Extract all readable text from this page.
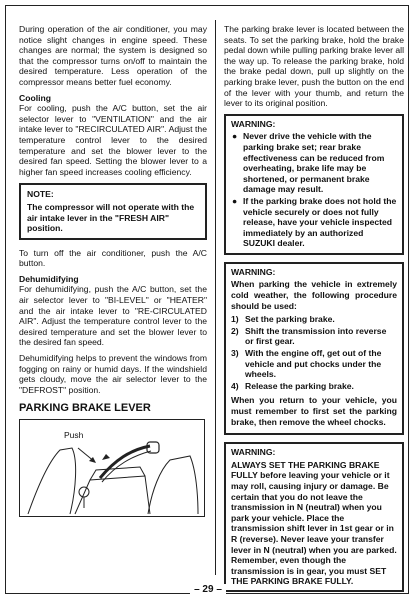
During operation of the air conditioner, you may notice slight changes in engine speed. These changes are normal; the system is designed so that the compressor turns on/off to maintain the desired temperature. Less operation of the compressor means better fuel economy.

Cooling

For cooling, push the A/C button, set the air selector lever to "VENTILATION" and the air intake lever to "RECIRCULATED AIR". Adjust the temperature control lever to the desired temperature and set the blower lever to the desired fan speed. Setting the blower lever to a higher fan speed increases cooling efficiency.

NOTE:
The compressor will not operate with the air intake lever in the "FRESH AIR" position.

To turn off the air conditioner, push the A/C button.

Dehumidifying

For dehumidifying, push the A/C button, set the air selector lever to "BI-LEVEL" or "HEATER" and the air intake lever to "RE-CIRCULATED AIR". Adjust the temperature control lever to the desired temperature and set the blower lever to the desired fan speed.

Dehumidifying helps to prevent the windows from fogging on rainy or humid days. If the windshield gets cloudy, move the air selector lever to the "DEFROST" position.

PARKING BRAKE LEVER
Push

The parking brake lever is located between the seats. To set the parking brake, hold the brake pedal down while pulling parking brake lever all the way up. To release the parking brake, hold the brake pedal down, pull up slightly on the parking brake lever, push the button on the end of the lever with your thumb, and return the lever to its original position.

WARNING:
● Never drive the vehicle with the parking brake set; rear brake effectiveness can be reduced from overheating, brake life may be shortened, or permanent brake damage may result.
● If the parking brake does not hold the vehicle securely or does not fully release, have your vehicle inspected immediately by an authorized SUZUKI dealer.
WARNING:

When parking the vehicle in extremely cold weather, the following procedure should be used:

1) Set the parking brake.
2) Shift the transmission into reverse or first gear.
3) With the engine off, get out of the vehicle and put chocks under the wheels.
4) Release the parking brake.

When you return to your vehicle, you must remember to first set the parking brake, then remove the wheel chocks.

WARNING:
ALWAYS SET THE PARKING BRAKE FULLY before leaving your vehicle or it may roll, causing injury or damage. Be certain that you do not leave the transmission in N (neutral) when you park your vehicle. Place the transmission shift lever in 1st gear or in R (reverse). Never leave your transfer lever in N (neutral) when you are parked. Remember, even though the transmission is in gear, you must SET THE PARKING BRAKE FULLY.
– 29 –
